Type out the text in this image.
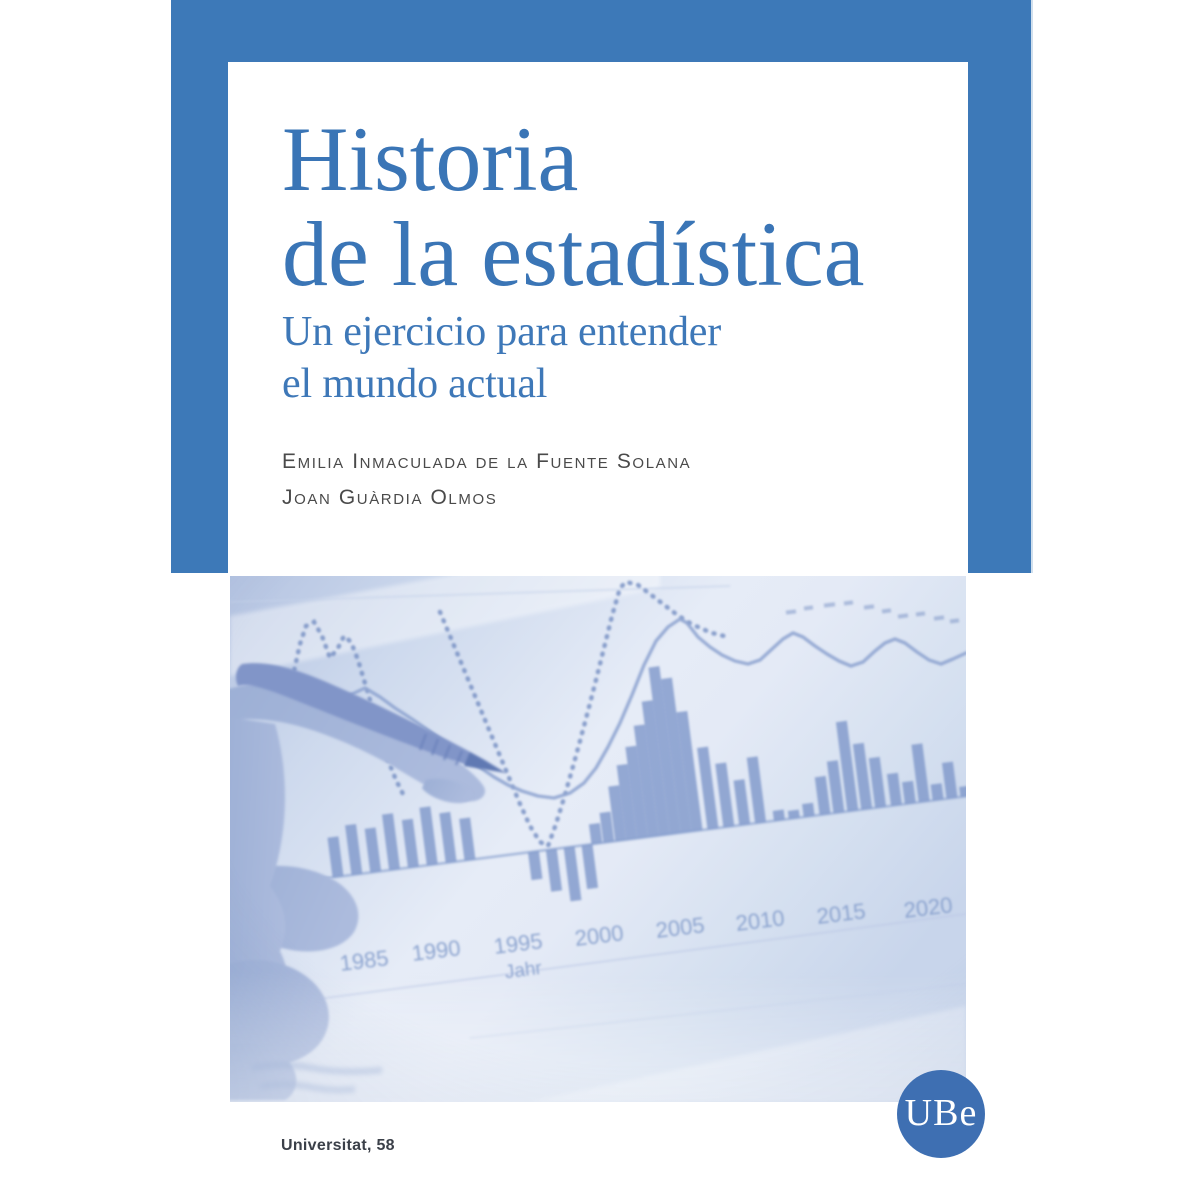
Historia
de la estadística
Un ejercicio para entender
el mundo actual
Emilia Inmaculada de la Fuente Solana
Joan Guàrdia Olmos
UBe
Universitat, 58
